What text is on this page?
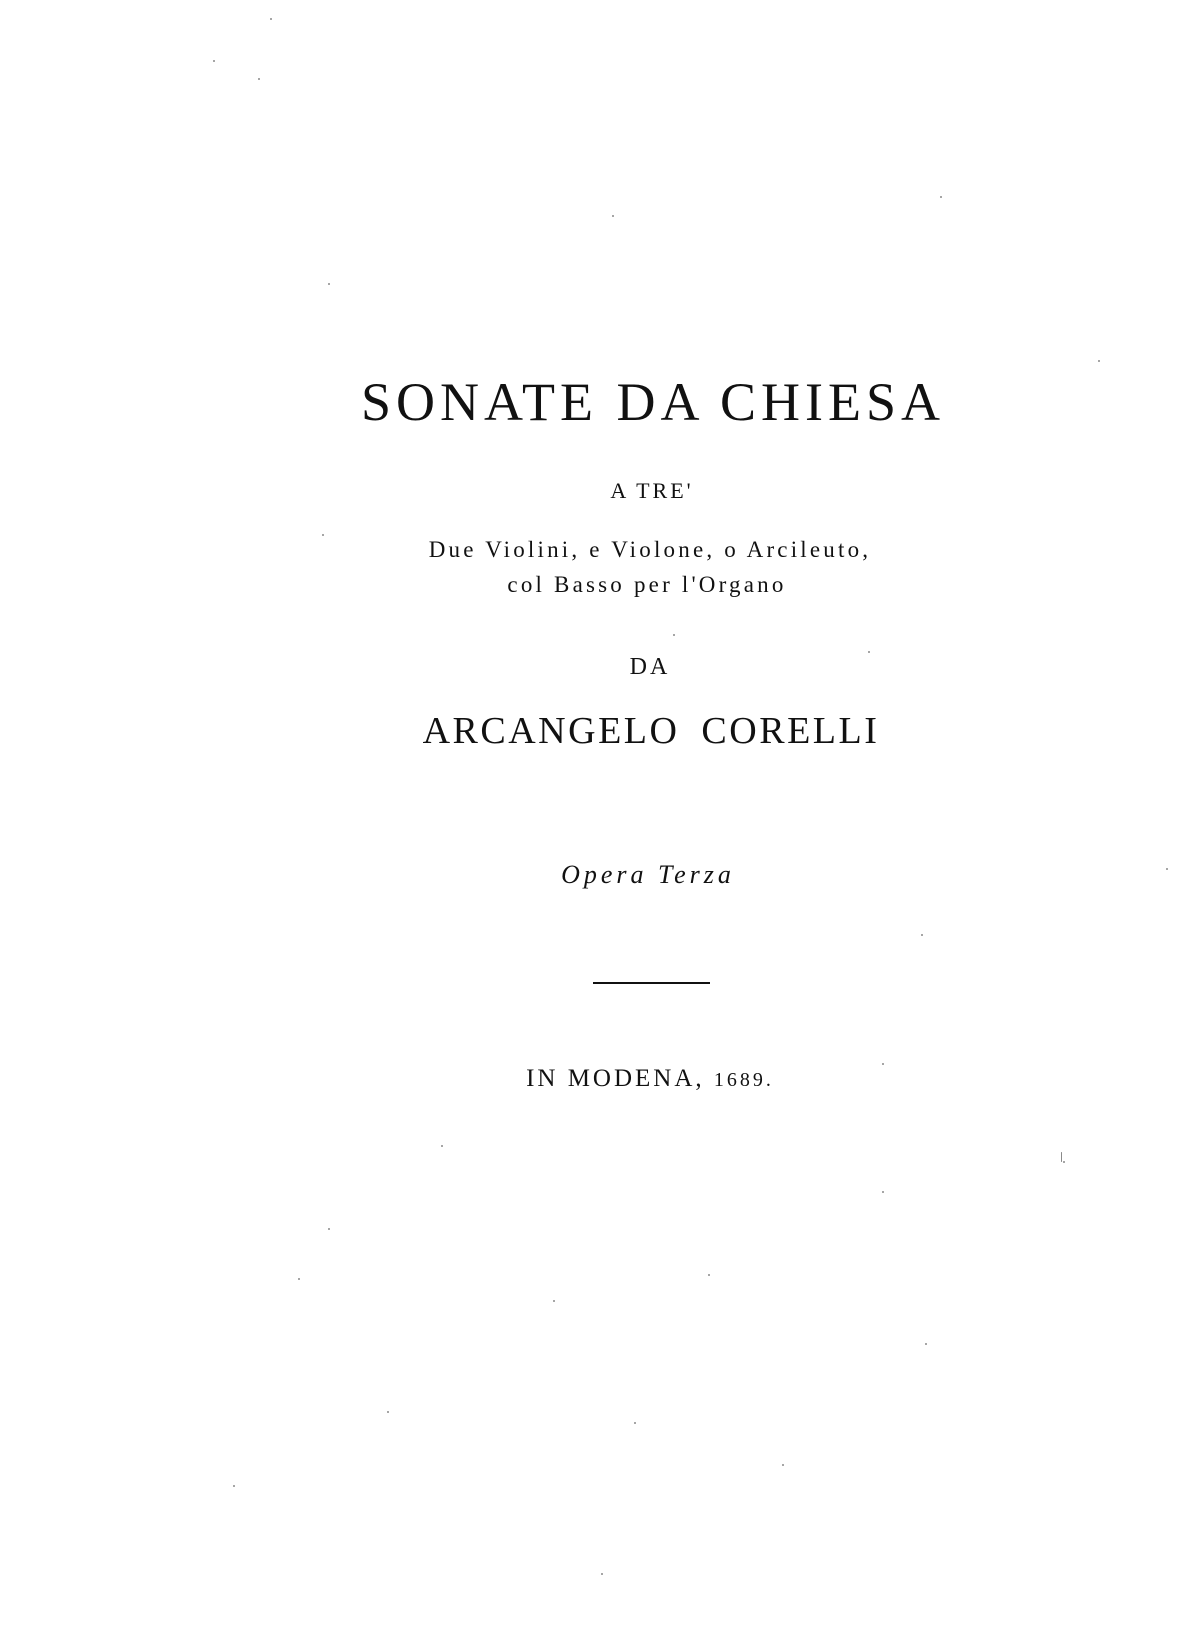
SONATE DA CHIESA
A TRE'
Due Violini, e Violone, o Arcileuto,
col Basso per l'Organo
DA
ARCANGELO CORELLI
Opera Terza
IN MODENA, 1689.
